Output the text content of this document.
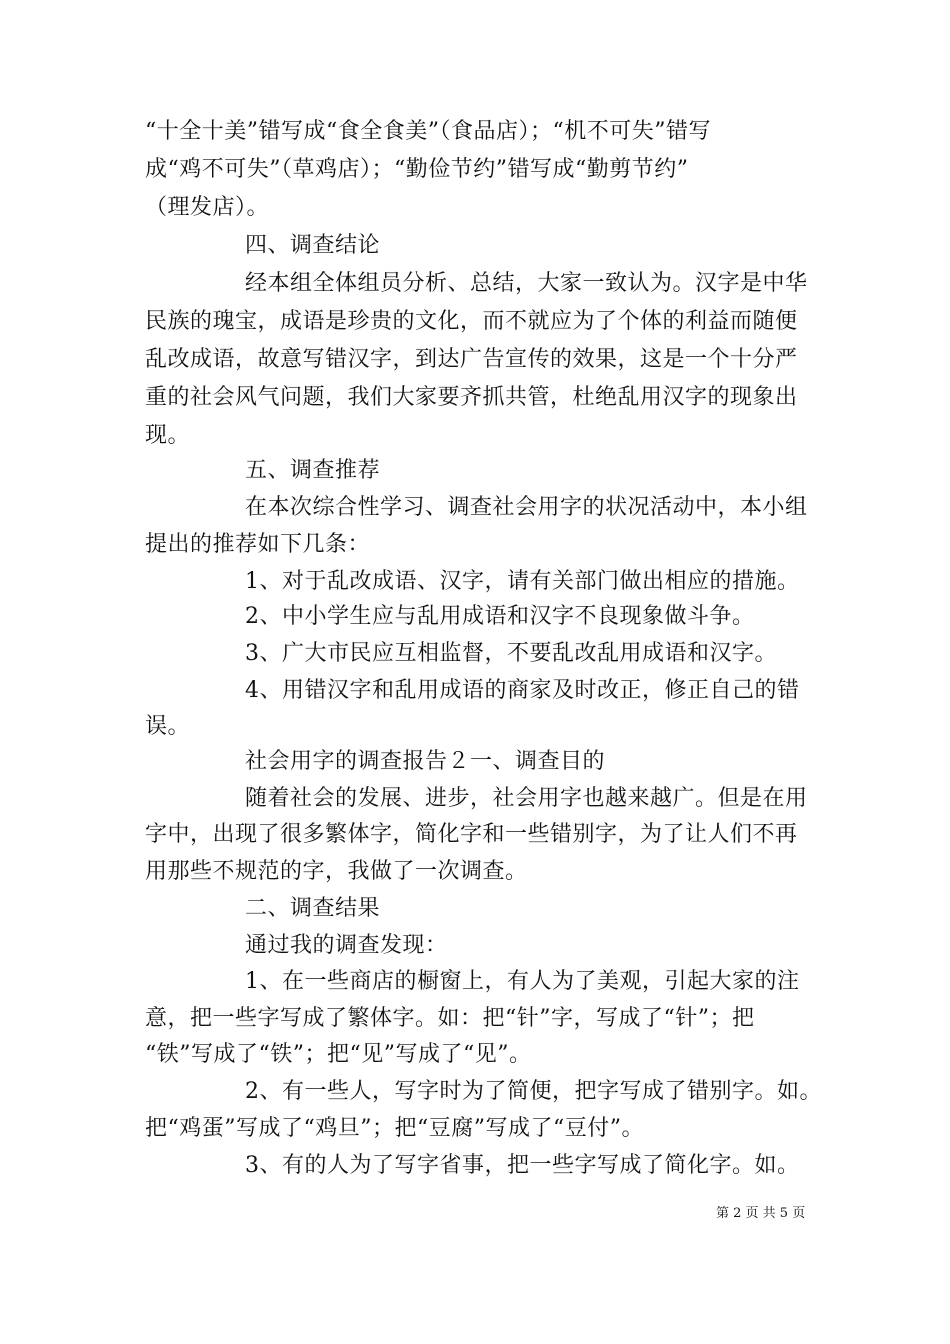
“十全十美”错写成“食全食美”（食品店）；“机不可失”错写
成“鸡不可失”（草鸡店）；“勤俭节约”错写成“勤剪节约”
（理发店）。
四、调查结论
经本组全体组员分析、总结，大家一致认为。汉字是中华
民族的瑰宝，成语是珍贵的文化，而不就应为了个体的利益而随便
乱改成语，故意写错汉字，到达广告宣传的效果，这是一个十分严
重的社会风气问题，我们大家要齐抓共管，杜绝乱用汉字的现象出
现。
五、调查推荐
在本次综合性学习、调查社会用字的状况活动中，本小组
提出的推荐如下几条：
1、对于乱改成语、汉字，请有关部门做出相应的措施。
2、中小学生应与乱用成语和汉字不良现象做斗争。
3、广大市民应互相监督，不要乱改乱用成语和汉字。
4、用错汉字和乱用成语的商家及时改正，修正自己的错
误。
社会用字的调查报告２一、调查目的
随着社会的发展、进步，社会用字也越来越广。但是在用
字中，出现了很多繁体字，简化字和一些错别字，为了让人们不再
用那些不规范的字，我做了一次调查。
二、调查结果
通过我的调查发现：
1、在一些商店的橱窗上，有人为了美观，引起大家的注
意，把一些字写成了繁体字。如：把“针”字，写成了“针”；把
“铁”写成了“铁”；把“见”写成了“见”。
2、有一些人，写字时为了简便，把字写成了错别字。如。
把“鸡蛋”写成了“鸡旦”；把“豆腐”写成了“豆付”。
3、有的人为了写字省事，把一些字写成了简化字。如。
第 2 页 共 5 页
